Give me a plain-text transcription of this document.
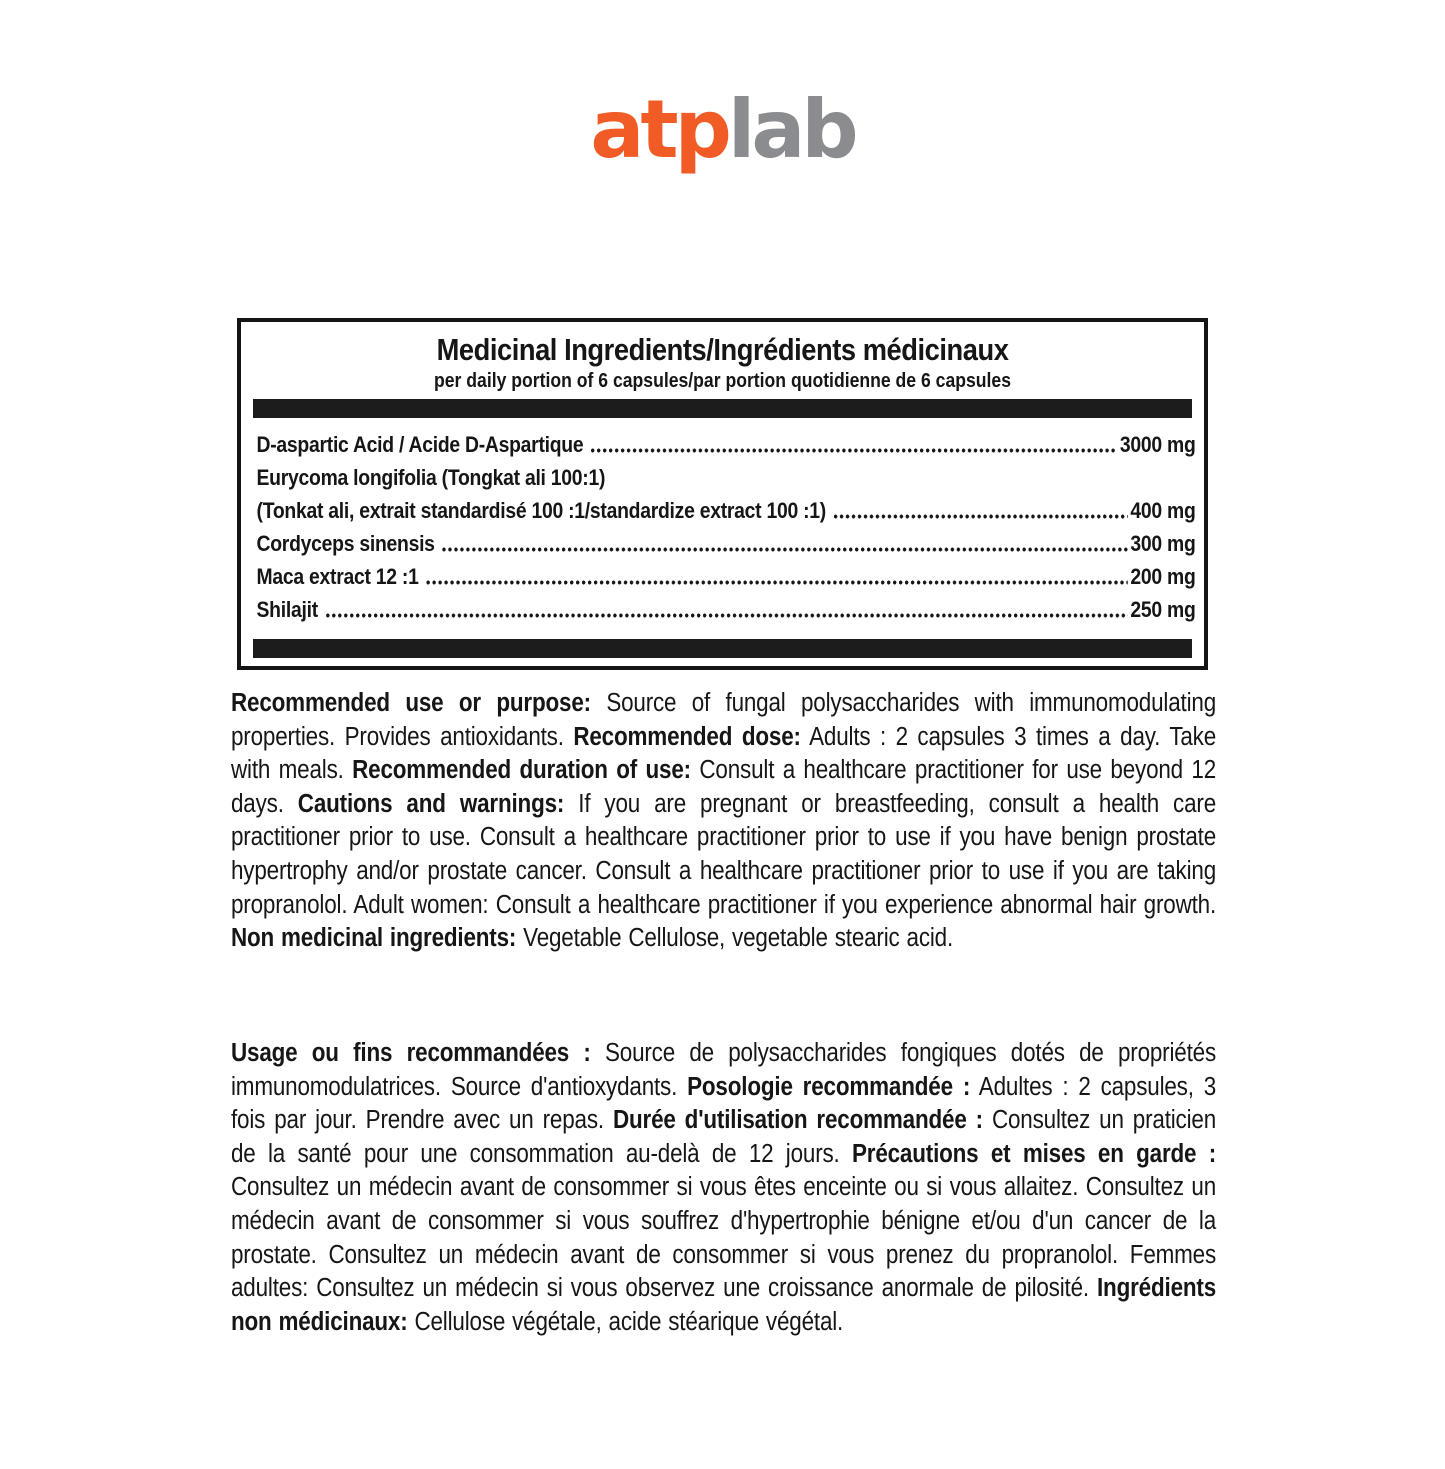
atplab
Medicinal Ingredients/Ingrédients médicinaux
per daily portion of 6 capsules/par portion quotidienne de 6 capsules
D-aspartic Acid / Acide D-Aspartique	3000 mg
Eurycoma longifolia (Tongkat ali 100:1)
(Tonkat ali, extrait standardisé 100 :1/standardize extract 100 :1)	400 mg
Cordyceps sinensis	300 mg
Maca extract 12 :1	200 mg
Shilajit	250 mg
Recommended use or purpose: Source of fungal polysaccharides with immunomodulating properties. Provides antioxidants. Recommended dose: Adults : 2 capsules 3 times a day. Take with meals. Recommended duration of use: Consult a healthcare practitioner for use beyond 12 days. Cautions and warnings: If you are pregnant or breastfeeding, consult a health care practitioner prior to use. Consult a healthcare practitioner prior to use if you have benign prostate hypertrophy and/or prostate cancer. Consult a healthcare practitioner prior to use if you are taking propranolol. Adult women: Consult a healthcare practitioner if you experience abnormal hair growth. Non medicinal ingredients: Vegetable Cellulose, vegetable stearic acid.
Usage ou fins recommandées : Source de polysaccharides fongiques dotés de propriétés immunomodulatrices. Source d'antioxydants. Posologie recommandée : Adultes : 2 capsules, 3 fois par jour. Prendre avec un repas. Durée d'utilisation recommandée : Consultez un praticien de la santé pour une consommation au-delà de 12 jours. Précautions et mises en garde : Consultez un médecin avant de consommer si vous êtes enceinte ou si vous allaitez. Consultez un médecin avant de consommer si vous souffrez d'hypertrophie bénigne et/ou d'un cancer de la prostate. Consultez un médecin avant de consommer si vous prenez du propranolol. Femmes adultes: Consultez un médecin si vous observez une croissance anormale de pilosité. Ingrédients non médicinaux: Cellulose végétale, acide stéarique végétal.
